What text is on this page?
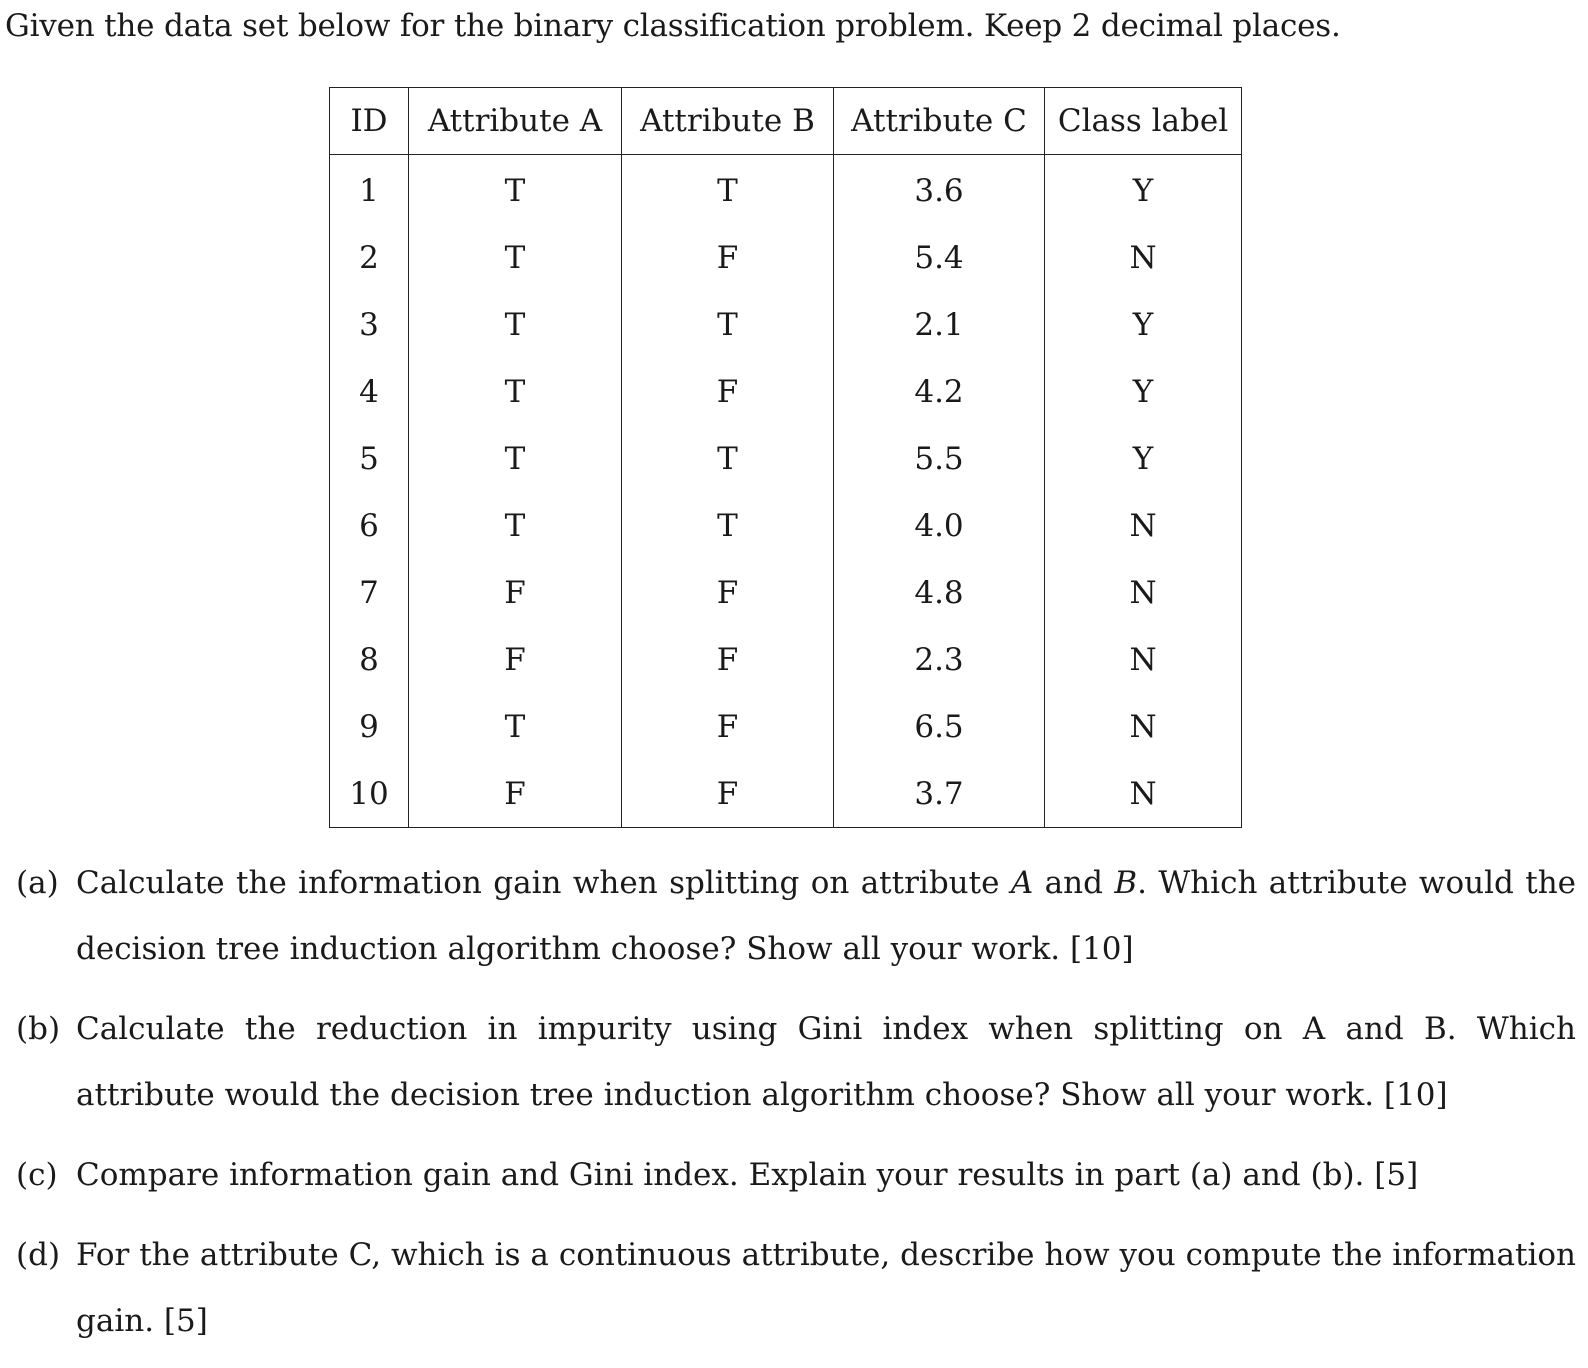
Given the data set below for the binary classification problem. Keep 2 decimal places.
ID	Attribute A	Attribute B	Attribute C	Class label
1	T	T	3.6	Y
2	T	F	5.4	N
3	T	T	2.1	Y
4	T	F	4.2	Y
5	T	T	5.5	Y
6	T	T	4.0	N
7	F	F	4.8	N
8	F	F	2.3	N
9	T	F	6.5	N
10	F	F	3.7	N
(a) Calculate the information gain when splitting on attribute A and B. Which attribute would the decision tree induction algorithm choose? Show all your work. [10]
(b) Calculate the reduction in impurity using Gini index when splitting on A and B. Which attribute would the decision tree induction algorithm choose? Show all your work. [10]
(c) Compare information gain and Gini index. Explain your results in part (a) and (b). [5]
(d) For the attribute C, which is a continuous attribute, describe how you compute the information gain. [5]
